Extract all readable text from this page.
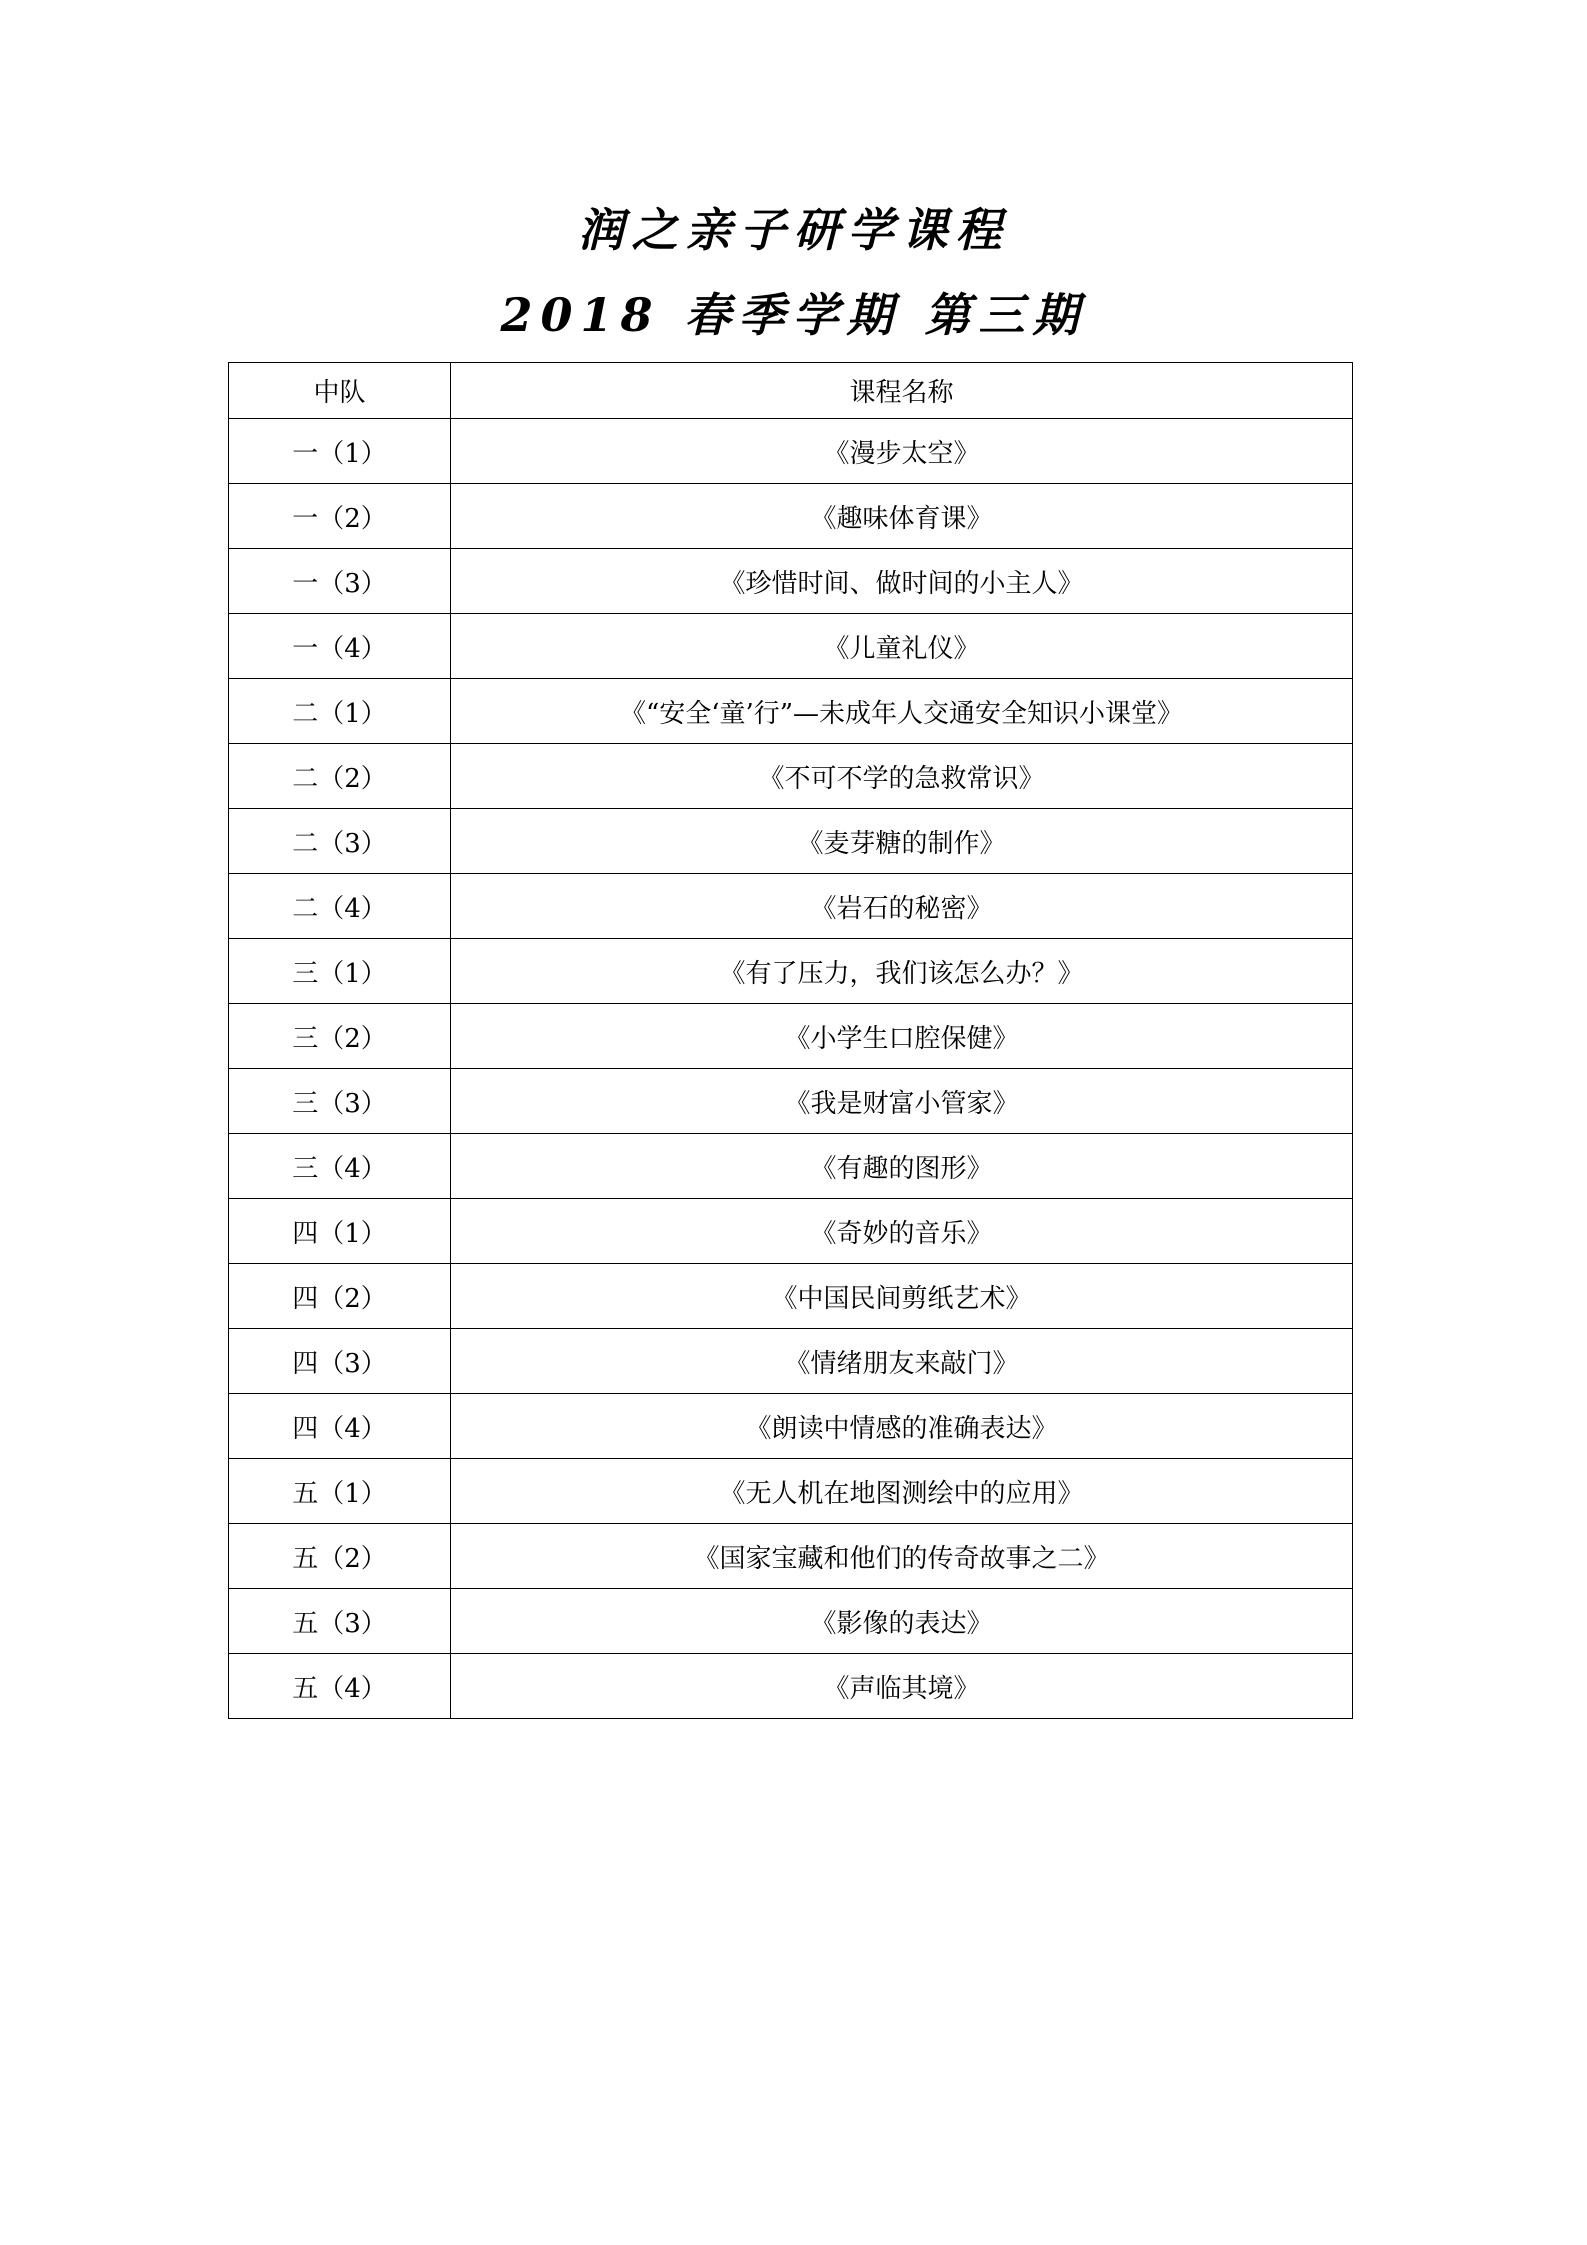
润之亲子研学课程
2018 春季学期 第三期
中队	课程名称
一（1）	《漫步太空》
一（2）	《趣味体育课》
一（3）	《珍惜时间、做时间的小主人》
一（4）	《儿童礼仪》
二（1）	《“安全‘童’行”—未成年人交通安全知识小课堂》
二（2）	《不可不学的急救常识》
二（3）	《麦芽糖的制作》
二（4）	《岩石的秘密》
三（1）	《有了压力，我们该怎么办？》
三（2）	《小学生口腔保健》
三（3）	《我是财富小管家》
三（4）	《有趣的图形》
四（1）	《奇妙的音乐》
四（2）	《中国民间剪纸艺术》
四（3）	《情绪朋友来敲门》
四（4）	《朗读中情感的准确表达》
五（1）	《无人机在地图测绘中的应用》
五（2）	《国家宝藏和他们的传奇故事之二》
五（3）	《影像的表达》
五（4）	《声临其境》
